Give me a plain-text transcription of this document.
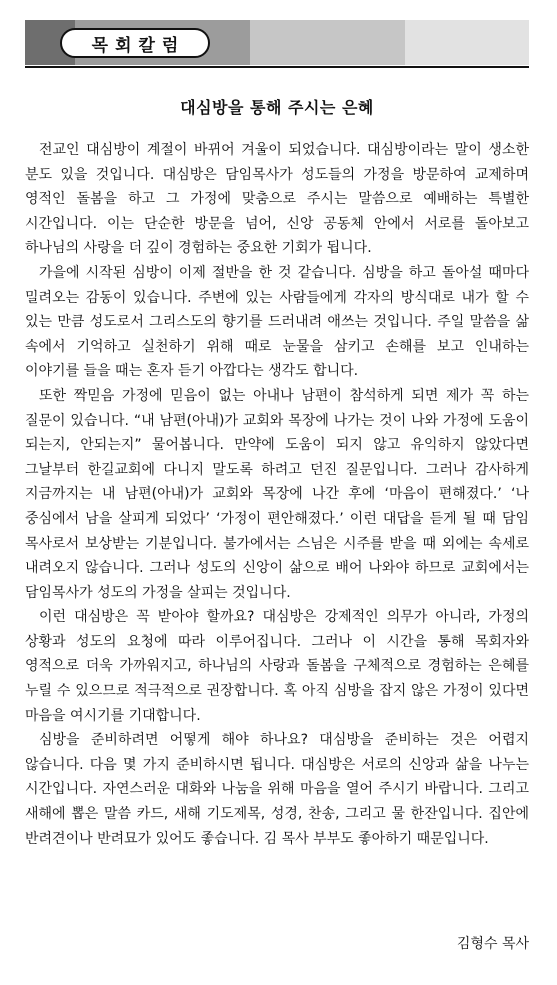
목회칼럼
대심방을 통해 주시는 은혜

전교인 대심방이 계절이 바뀌어 겨울이 되었습니다. 대심방이라는 말이 생소한 분도 있을 것입니다. 대심방은 담임목사가 성도들의 가정을 방문하여 교제하며 영적인 돌봄을 하고 그 가정에 맞춤으로 주시는 말씀으로 예배하는 특별한 시간입니다. 이는 단순한 방문을 넘어, 신앙 공동체 안에서 서로를 돌아보고 하나님의 사랑을 더 깊이 경험하는 중요한 기회가 됩니다.

가을에 시작된 심방이 이제 절반을 한 것 같습니다. 심방을 하고 돌아설 때마다 밀려오는 감동이 있습니다. 주변에 있는 사람들에게 각자의 방식대로 내가 할 수 있는 만큼 성도로서 그리스도의 향기를 드러내려 애쓰는 것입니다. 주일 말씀을 삶 속에서 기억하고 실천하기 위해 때로 눈물을 삼키고 손해를 보고 인내하는 이야기를 들을 때는 혼자 듣기 아깝다는 생각도 합니다.

또한 짝믿음 가정에 믿음이 없는 아내나 남편이 참석하게 되면 제가 꼭 하는 질문이 있습니다. “내 남편(아내)가 교회와 목장에 나가는 것이 나와 가정에 도움이 되는지, 안되는지” 물어봅니다. 만약에 도움이 되지 않고 유익하지 않았다면 그날부터 한길교회에 다니지 말도록 하려고 던진 질문입니다. 그러나 감사하게 지금까지는 내 남편(아내)가 교회와 목장에 나간 후에 ‘마음이 편해졌다.’ ‘나 중심에서 남을 살피게 되었다’ ‘가정이 편안해졌다.’ 이런 대답을 듣게 될 때 담임 목사로서 보상받는 기분입니다. 불가에서는 스님은 시주를 받을 때 외에는 속세로 내려오지 않습니다. 그러나 성도의 신앙이 삶으로 배어 나와야 하므로 교회에서는 담임목사가 성도의 가정을 살피는 것입니다.

이런 대심방은 꼭 받아야 할까요? 대심방은 강제적인 의무가 아니라, 가정의 상황과 성도의 요청에 따라 이루어집니다. 그러나 이 시간을 통해 목회자와 영적으로 더욱 가까워지고, 하나님의 사랑과 돌봄을 구체적으로 경험하는 은혜를 누릴 수 있으므로 적극적으로 권장합니다. 혹 아직 심방을 잡지 않은 가정이 있다면 마음을 여시기를 기대합니다.

심방을 준비하려면 어떻게 해야 하나요? 대심방을 준비하는 것은 어렵지 않습니다. 다음 몇 가지 준비하시면 됩니다. 대심방은 서로의 신앙과 삶을 나누는 시간입니다. 자연스러운 대화와 나눔을 위해 마음을 열어 주시기 바랍니다. 그리고 새해에 뽑은 말씀 카드, 새해 기도제목, 성경, 찬송, 그리고 물 한잔입니다. 집안에 반려견이나 반려묘가 있어도 좋습니다. 김 목사 부부도 좋아하기 때문입니다.

김형수 목사
